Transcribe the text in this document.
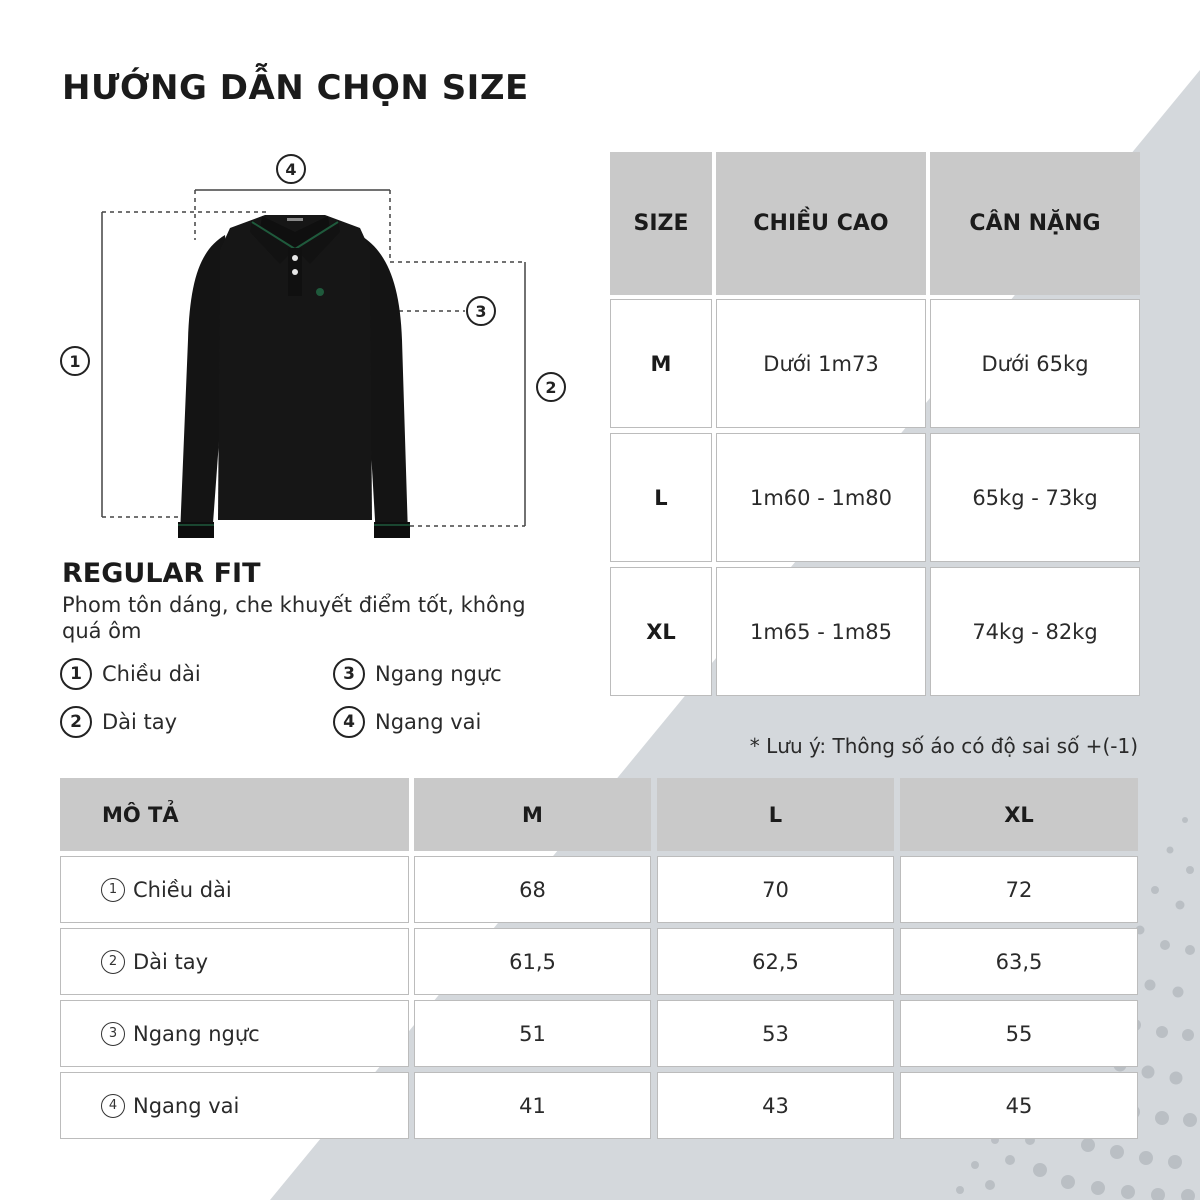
HƯỚNG DẪN CHỌN SIZE
1
2
3
4
REGULAR FIT
Phom tôn dáng, che khuyết điểm tốt, không quá ôm
1 Chiều dài
2 Dài tay
3 Ngang ngực
4 Ngang vai
SIZE	CHIỀU CAO	CÂN NẶNG
M	Dưới 1m73	Dưới 65kg
L	1m60 - 1m80	65kg - 73kg
XL	1m65 - 1m85	74kg - 82kg
* Lưu ý: Thông số áo có độ sai số +(-1)
MÔ TẢ	M	L	XL
1 Chiều dài	68	70	72
2 Dài tay	61,5	62,5	63,5
3 Ngang ngực	51	53	55
4 Ngang vai	41	43	45
